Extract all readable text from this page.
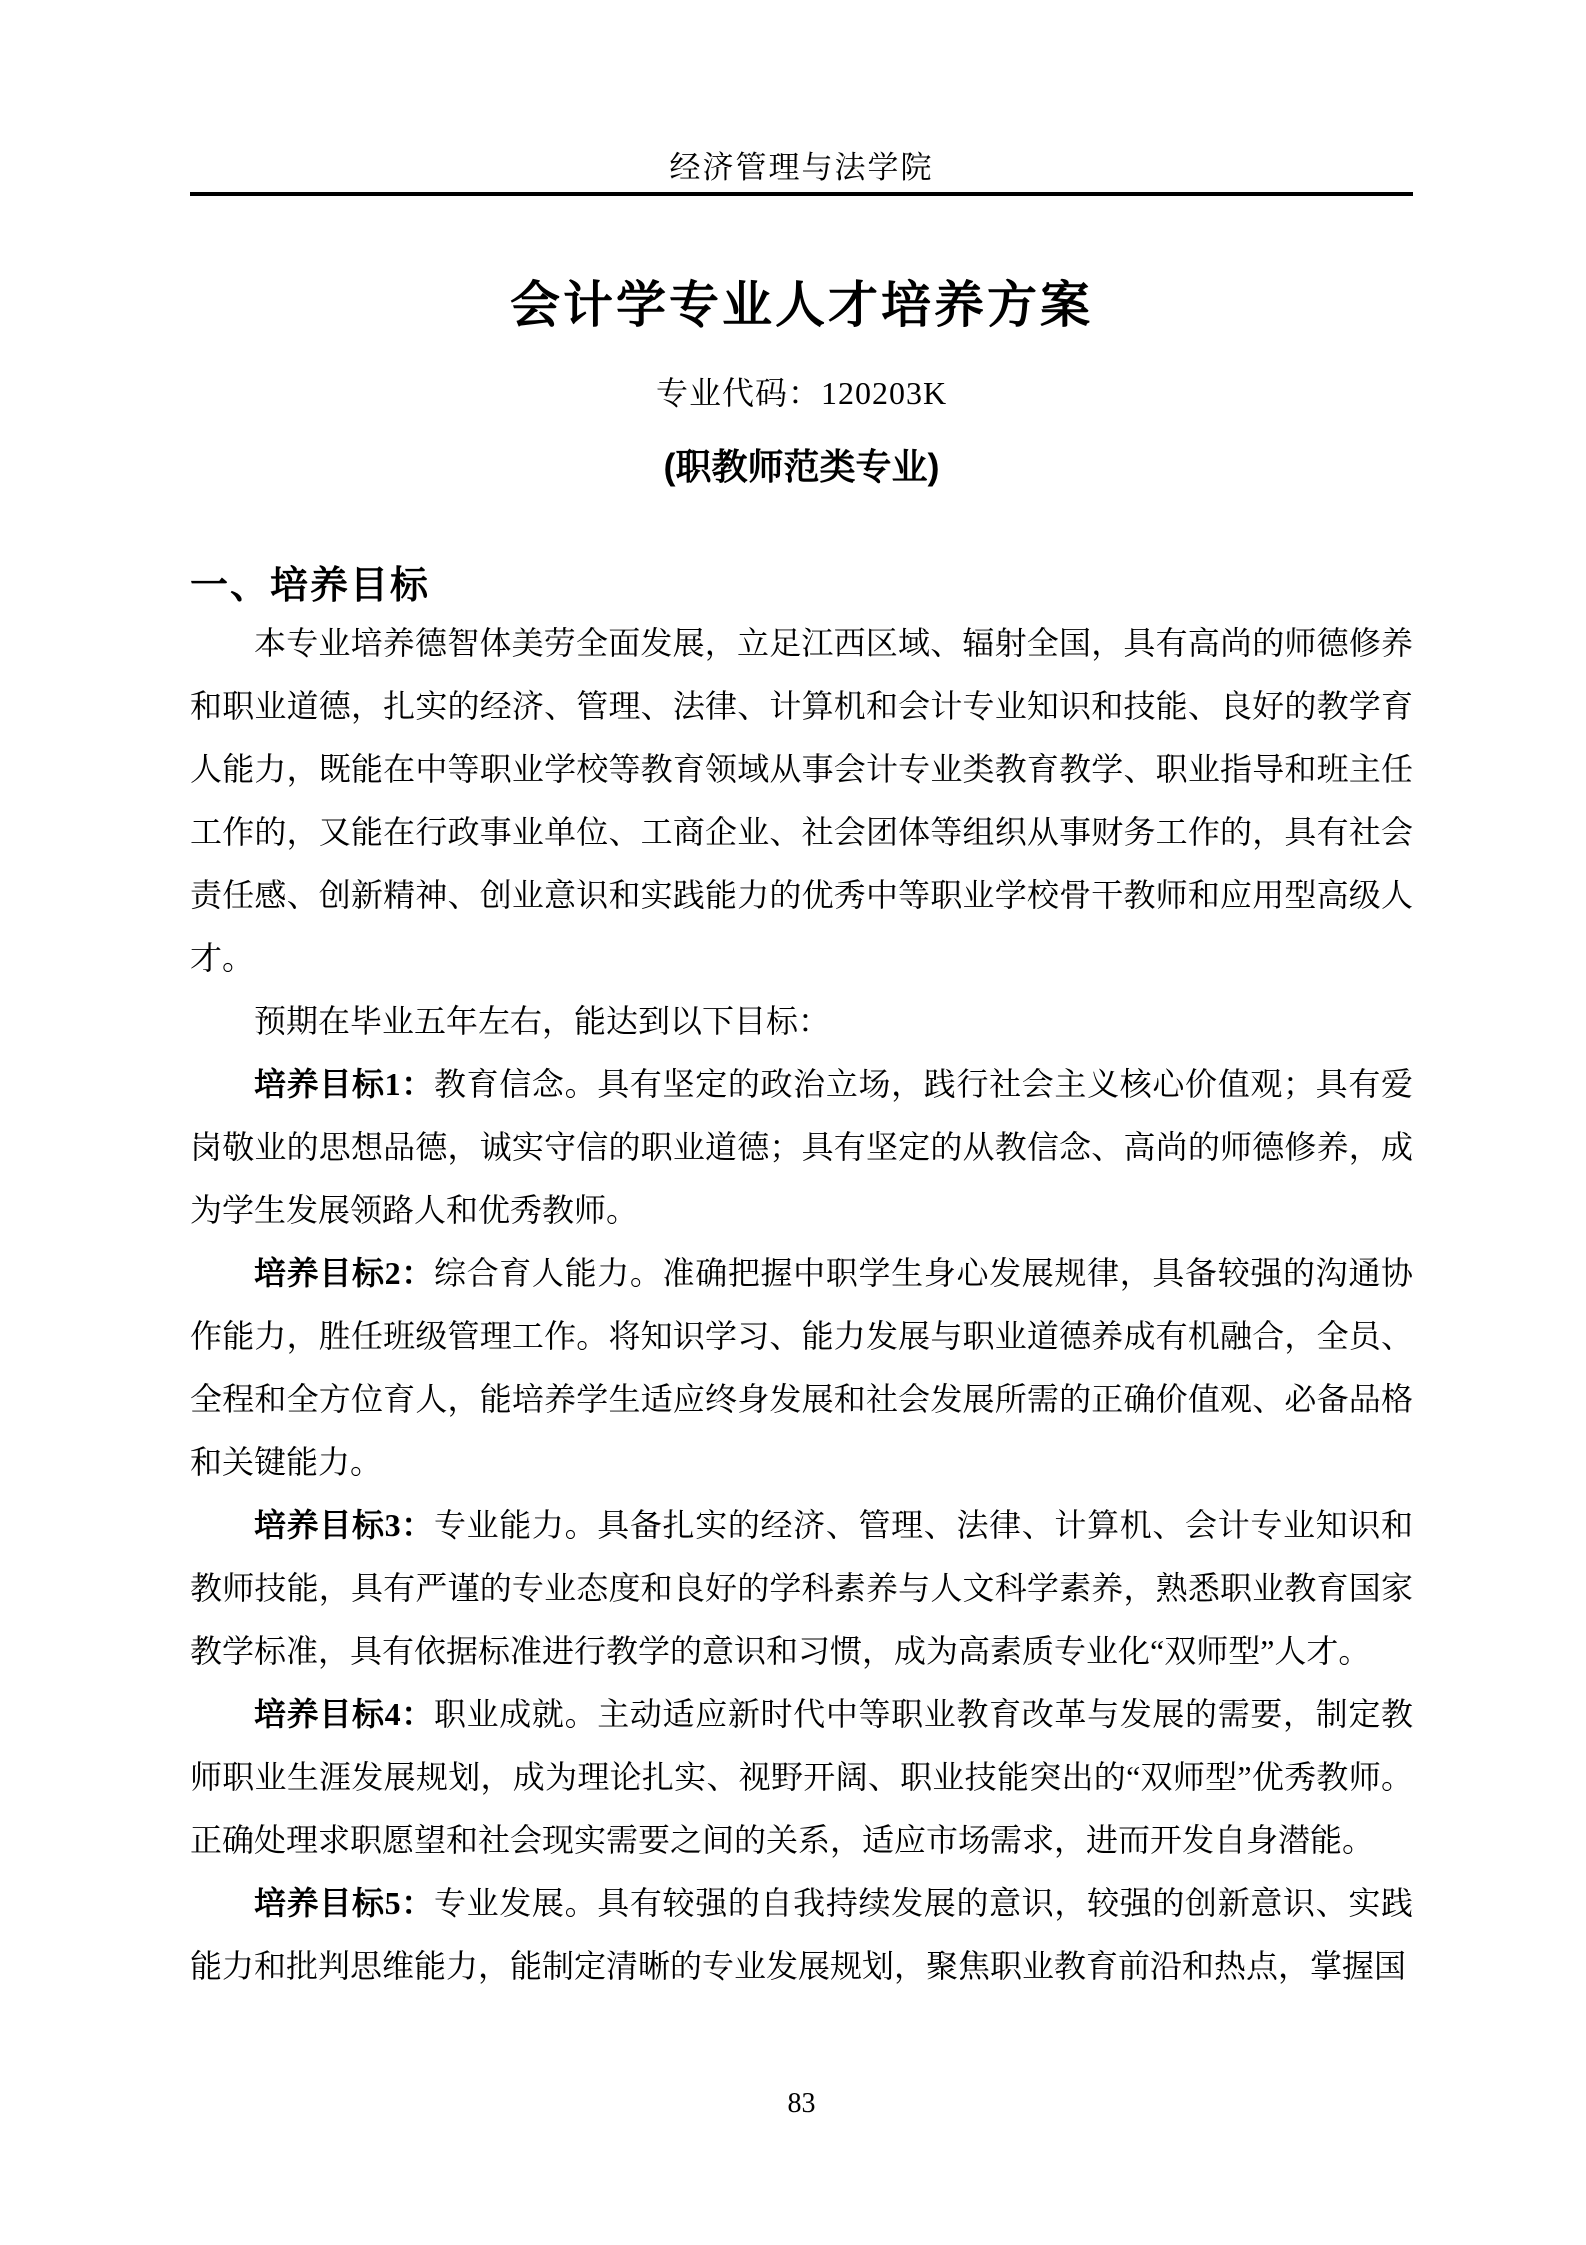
经济管理与法学院
会计学专业人才培养方案
专业代码：120203K
(职教师范类专业)
一、培养目标

本专业培养德智体美劳全面发展，立足江西区域、辐射全国，具有高尚的师德修养和职业道德，扎实的经济、管理、法律、计算机和会计专业知识和技能、良好的教学育人能力，既能在中等职业学校等教育领域从事会计专业类教育教学、职业指导和班主任工作的，又能在行政事业单位、工商企业、社会团体等组织从事财务工作的，具有社会责任感、创新精神、创业意识和实践能力的优秀中等职业学校骨干教师和应用型高级人才。

预期在毕业五年左右，能达到以下目标：

培养目标1：教育信念。具有坚定的政治立场，践行社会主义核心价值观；具有爱岗敬业的思想品德，诚实守信的职业道德；具有坚定的从教信念、高尚的师德修养，成为学生发展领路人和优秀教师。

培养目标2：综合育人能力。准确把握中职学生身心发展规律，具备较强的沟通协作能力，胜任班级管理工作。将知识学习、能力发展与职业道德养成有机融合，全员、全程和全方位育人，能培养学生适应终身发展和社会发展所需的正确价值观、必备品格和关键能力。

培养目标3：专业能力。具备扎实的经济、管理、法律、计算机、会计专业知识和教师技能，具有严谨的专业态度和良好的学科素养与人文科学素养，熟悉职业教育国家教学标准，具有依据标准进行教学的意识和习惯，成为高素质专业化“双师型”人才。

培养目标4：职业成就。主动适应新时代中等职业教育改革与发展的需要，制定教师职业生涯发展规划，成为理论扎实、视野开阔、职业技能突出的“双师型”优秀教师。正确处理求职愿望和社会现实需要之间的关系，适应市场需求，进而开发自身潜能。

培养目标5：专业发展。具有较强的自我持续发展的意识，较强的创新意识、实践能力和批判思维能力，能制定清晰的专业发展规划，聚焦职业教育前沿和热点，掌握国

83
